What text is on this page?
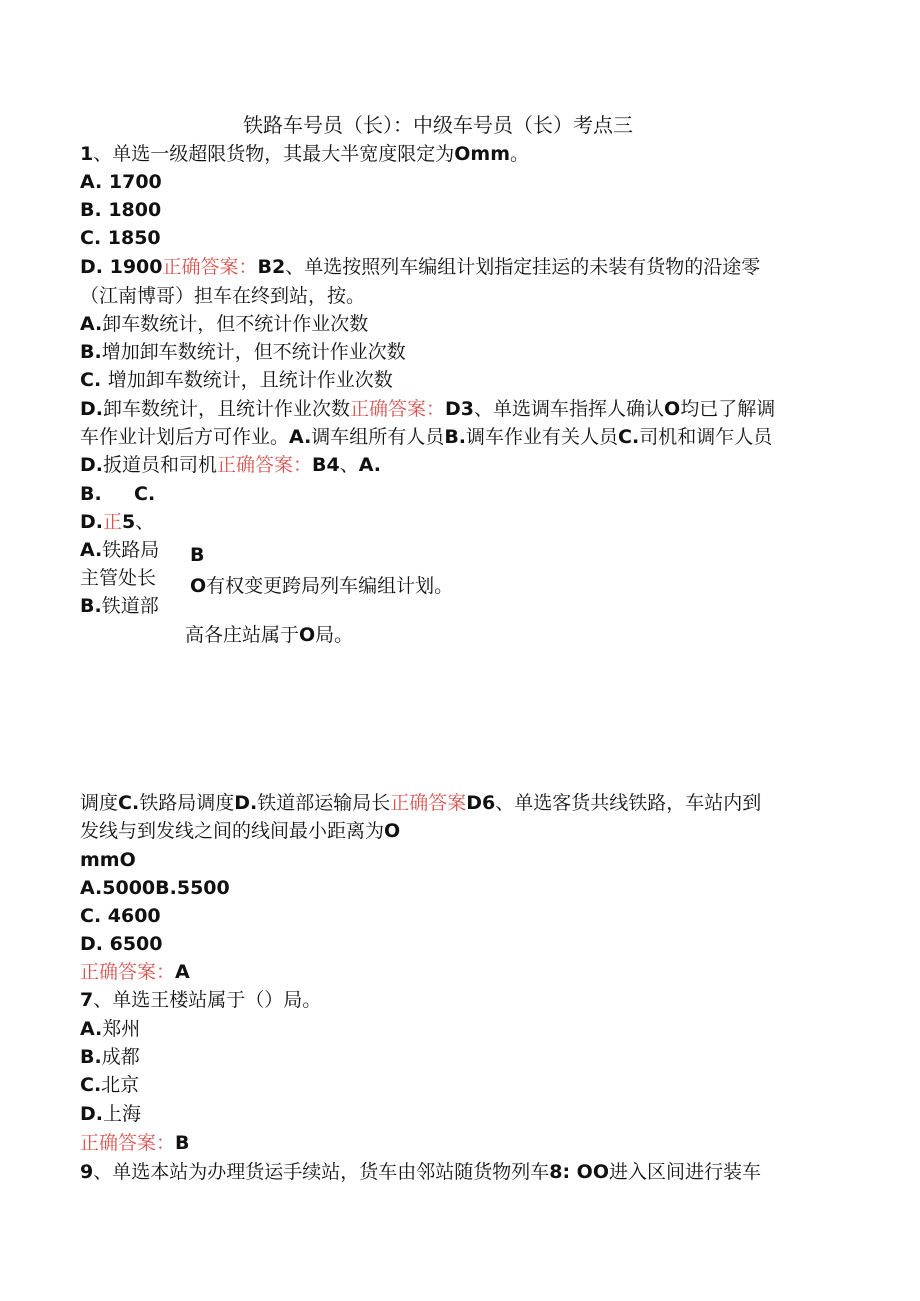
铁路车号员（长）：中级车号员（长）考点三
1、单选一级超限货物，其最大半宽度限定为Omm。
A. 1700
B. 1800
C. 1850
D. 1900正确答案：B2、单选按照列车编组计划指定挂运的未装有货物的沿途零
（江南博哥）担车在终到站，按。
A.卸车数统计，但不统计作业次数
B.增加卸车数统计，但不统计作业次数
C. 增加卸车数统计，且统计作业次数
D.卸车数统计，且统计作业次数正确答案：D3、单选调车指挥人确认O均已了解调
车作业计划后方可作业。A.调车组所有人员B.调车作业有关人员C.司机和调乍人员
D.扳道员和司机正确答案：B4、A.
B. C.
D.正5、
A.铁路局 B
主管处长 O有权变更跨局列车编组计划。
B.铁道部
高各庄站属于O局。
调度C.铁路局调度D.铁道部运输局长正确答案D6、单选客货共线铁路，车站内到
发线与到发线之间的线间最小距离为O
mmO
A.5000B.5500
C. 4600
D. 6500
正确答案：A
7、单选王楼站属于（）局。
A.郑州
B.成都
C.北京
D.上海
正确答案：B
9、单选本站为办理货运手续站，货车由邻站随货物列车8: OO进入区间进行装车
